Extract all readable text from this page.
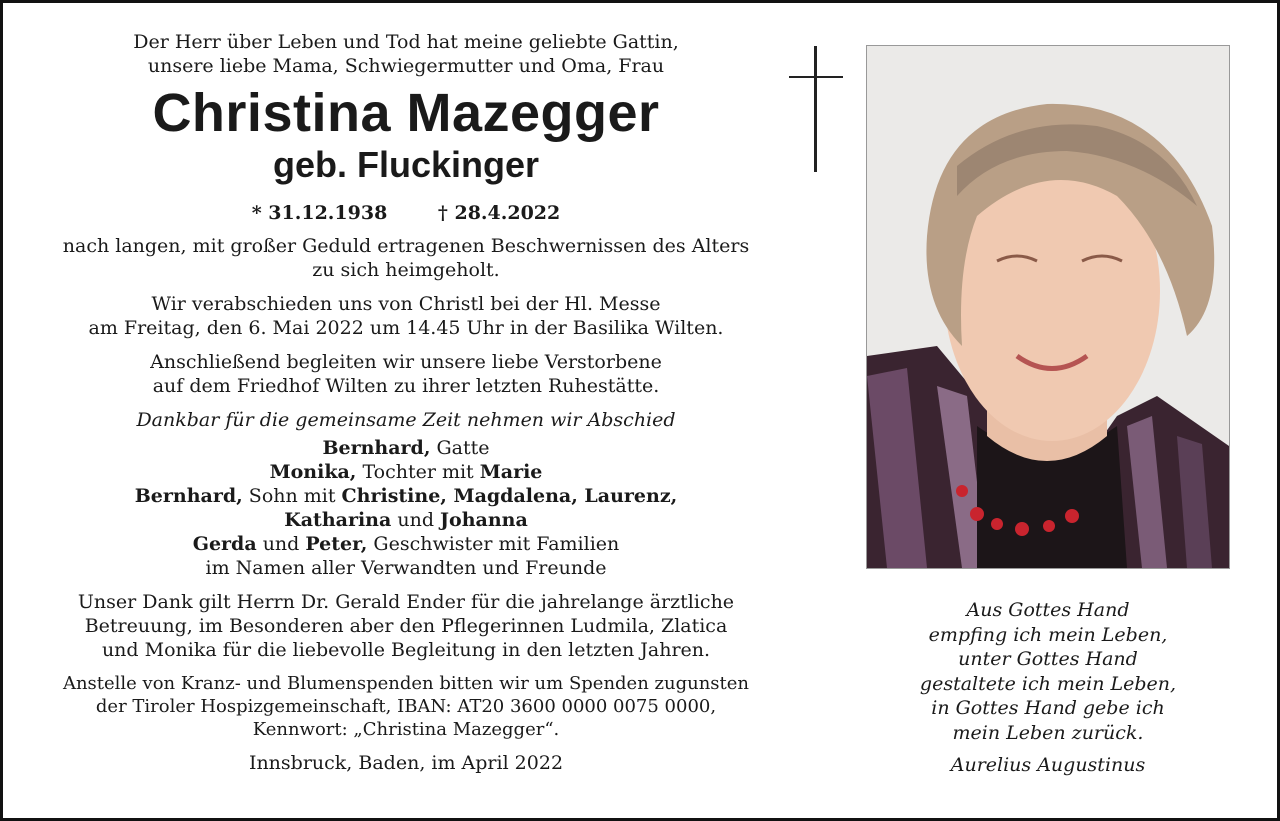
Der Herr über Leben und Tod hat meine geliebte Gattin,
unsere liebe Mama, Schwiegermutter und Oma, Frau
Christina Mazegger
geb. Fluckinger
* 31.12.1938	† 28.4.2022
nach langen, mit großer Geduld ertragenen Beschwernissen des Alters
zu sich heimgeholt.
Wir verabschieden uns von Christl bei der Hl. Messe
am Freitag, den 6. Mai 2022 um 14.45 Uhr in der Basilika Wilten.
Anschließend begleiten wir unsere liebe Verstorbene
auf dem Friedhof Wilten zu ihrer letzten Ruhestätte.
Dankbar für die gemeinsame Zeit nehmen wir Abschied
Bernhard, Gatte
Monika, Tochter mit Marie
Bernhard, Sohn mit Christine, Magdalena, Laurenz,
Katharina und Johanna
Gerda und Peter, Geschwister mit Familien
im Namen aller Verwandten und Freunde
Unser Dank gilt Herrn Dr. Gerald Ender für die jahrelange ärztliche
Betreuung, im Besonderen aber den Pflegerinnen Ludmila, Zlatica
und Monika für die liebevolle Begleitung in den letzten Jahren.
Anstelle von Kranz- und Blumenspenden bitten wir um Spenden zugunsten
der Tiroler Hospizgemeinschaft, IBAN: AT20 3600 0000 0075 0000,
Kennwort: „Christina Mazegger“.
Innsbruck, Baden, im April 2022
Aus Gottes Hand
empfing ich mein Leben,
unter Gottes Hand
gestaltete ich mein Leben,
in Gottes Hand gebe ich
mein Leben zurück.
Aurelius Augustinus
